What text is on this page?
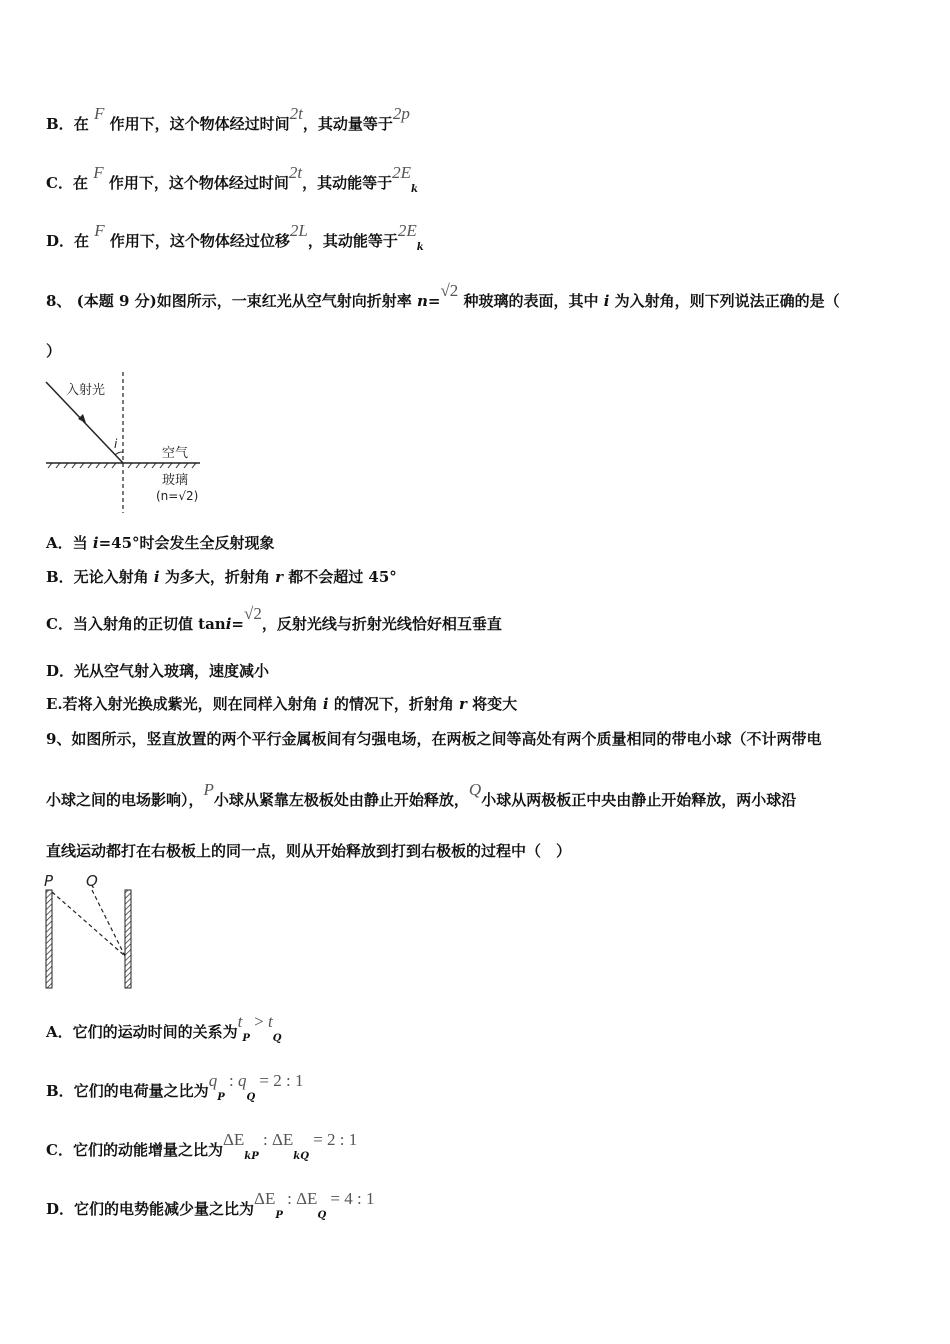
B．在 F 作用下，这个物体经过时间2t，其动量等于2p
C．在 F 作用下，这个物体经过时间2t，其动能等于$2E_k$
D．在 F 作用下，这个物体经过位移2L，其动能等于$2E_k$
8、 (本题 9 分)如图所示，一束红光从空气射向折射率 n=√2 种玻璃的表面，其中 i 为入射角，则下列说法正确的是（
）
入射光
i
空气
玻璃
(n=√2)
A．当 i=45°时会发生全反射现象
B．无论入射角 i 为多大，折射角 r 都不会超过 45°
C．当入射角的正切值 tani=√2，反射光线与折射光线恰好相互垂直
D．光从空气射入玻璃，速度减小
E.若将入射光换成紫光，则在同样入射角 i 的情况下，折射角 r 将变大
9、如图所示，竖直放置的两个平行金属板间有匀强电场，在两板之间等高处有两个质量相同的带电小球（不计两带电
小球之间的电场影响），P小球从紧靠左极板处由静止开始释放，Q小球从两极板正中央由静止开始释放，两小球沿
直线运动都打在右极板上的同一点，则从开始释放到打到右极板的过程中（　）
P Q
A．它们的运动时间的关系为$t_P > t_Q$
B．它们的电荷量之比为$q_P$ : $q_Q = 2$ : 1
C．它们的动能增量之比为$\Delta E_{kP}$ : $\Delta E_{kQ} = 2$ : 1
D．它们的电势能减少量之比为$\Delta E_P$ : $\Delta E_Q = 4$ : 1
